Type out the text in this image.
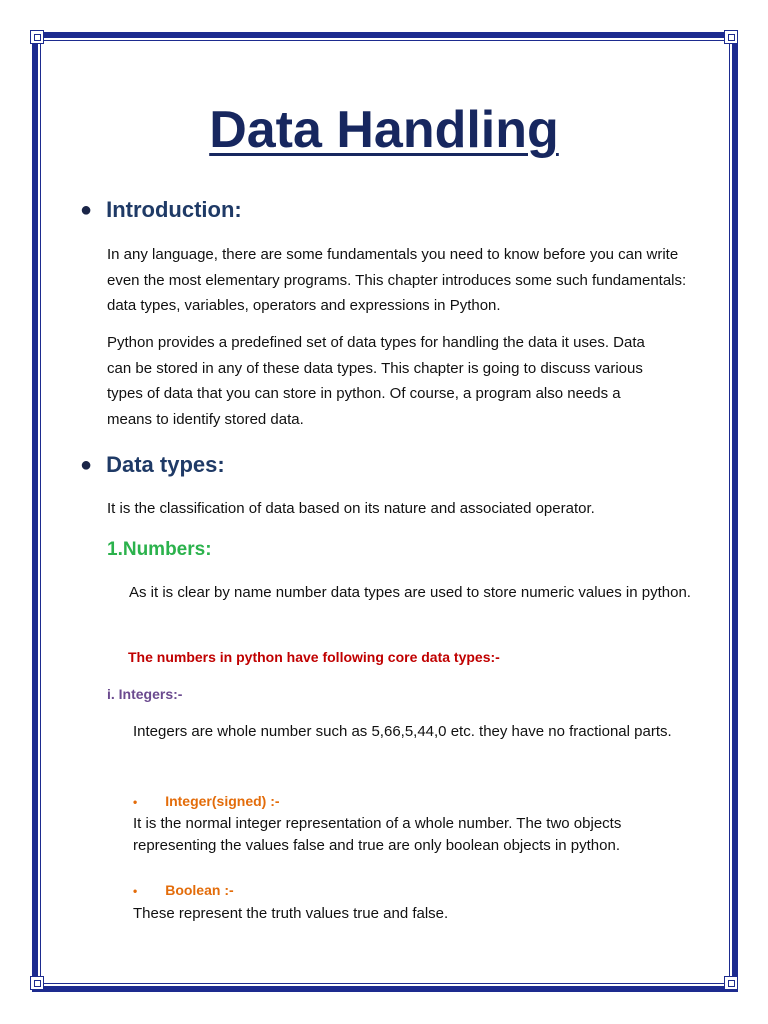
Data Handling
● Introduction:

In any language, there are some fundamentals you need to know before you can write even the most elementary programs. This chapter introduces some such fundamentals: data types, variables, operators and expressions in Python.

Python provides a predefined set of data types for handling the data it uses. Data can be stored in any of these data types. This chapter is going to discuss various types of data that you can store in python. Of course, a program also needs a means to identify stored data.

● Data types:

It is the classification of data based on its nature and associated operator.

1.Numbers:

As it is clear by name number data types are used to store numeric values in python.

The numbers in python have following core data types:-
i. Integers:-

Integers are whole number such as 5,66,5,44,0 etc. they have no fractional parts.

• Integer(signed) :-

It is the normal integer representation of a whole number. The two objects representing the values false and true are only boolean objects in python.

• Boolean :-

These represent the truth values true and false.
